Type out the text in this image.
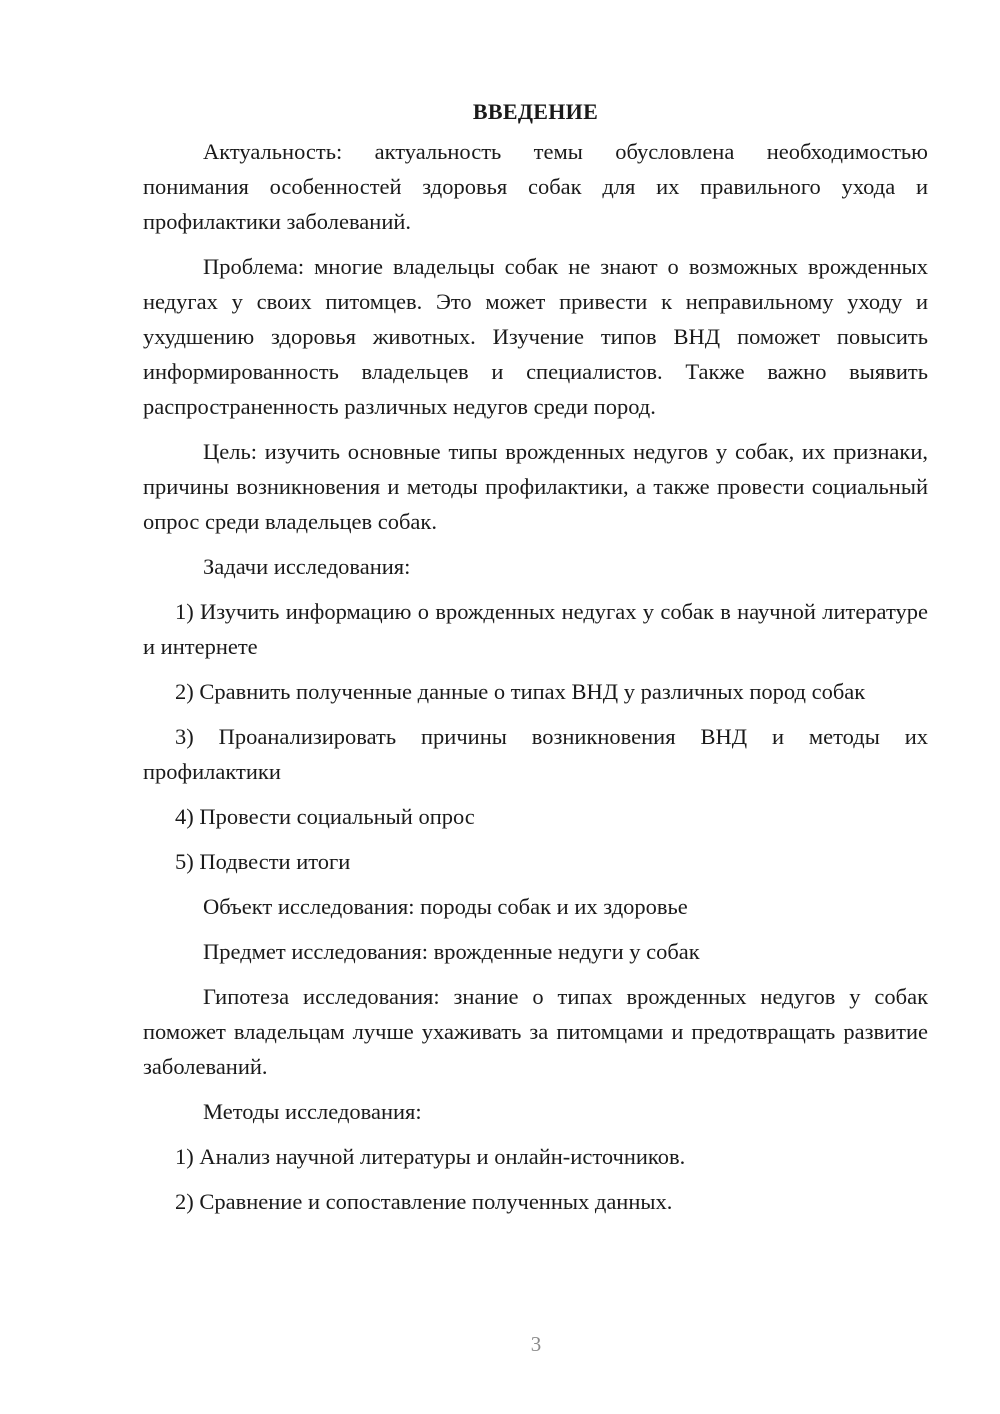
ВВЕДЕНИЕ

Актуальность: актуальность темы обусловлена необходимостью понимания особенностей здоровья собак для их правильного ухода и профилактики заболеваний.

Проблема: многие владельцы собак не знают о возможных врожденных недугах у своих питомцев. Это может привести к неправильному уходу и ухудшению здоровья животных. Изучение типов ВНД поможет повысить информированность владельцев и специалистов. Также важно выявить распространенность различных недугов среди пород.

Цель: изучить основные типы врожденных недугов у собак, их признаки, причины возникновения и методы профилактики, а также провести социальный опрос среди владельцев собак.

Задачи исследования:

1) Изучить информацию о врожденных недугах у собак в научной литературе и интернете

2) Сравнить полученные данные о типах ВНД у различных пород собак

3) Проанализировать причины возникновения ВНД и методы их профилактики

4) Провести социальный опрос

5) Подвести итоги

Объект исследования: породы собак и их здоровье

Предмет исследования: врожденные недуги у собак

Гипотеза исследования: знание о типах врожденных недугов у собак поможет владельцам лучше ухаживать за питомцами и предотвращать развитие заболеваний.

Методы исследования:

1) Анализ научной литературы и онлайн-источников.

2) Сравнение и сопоставление полученных данных.

3
